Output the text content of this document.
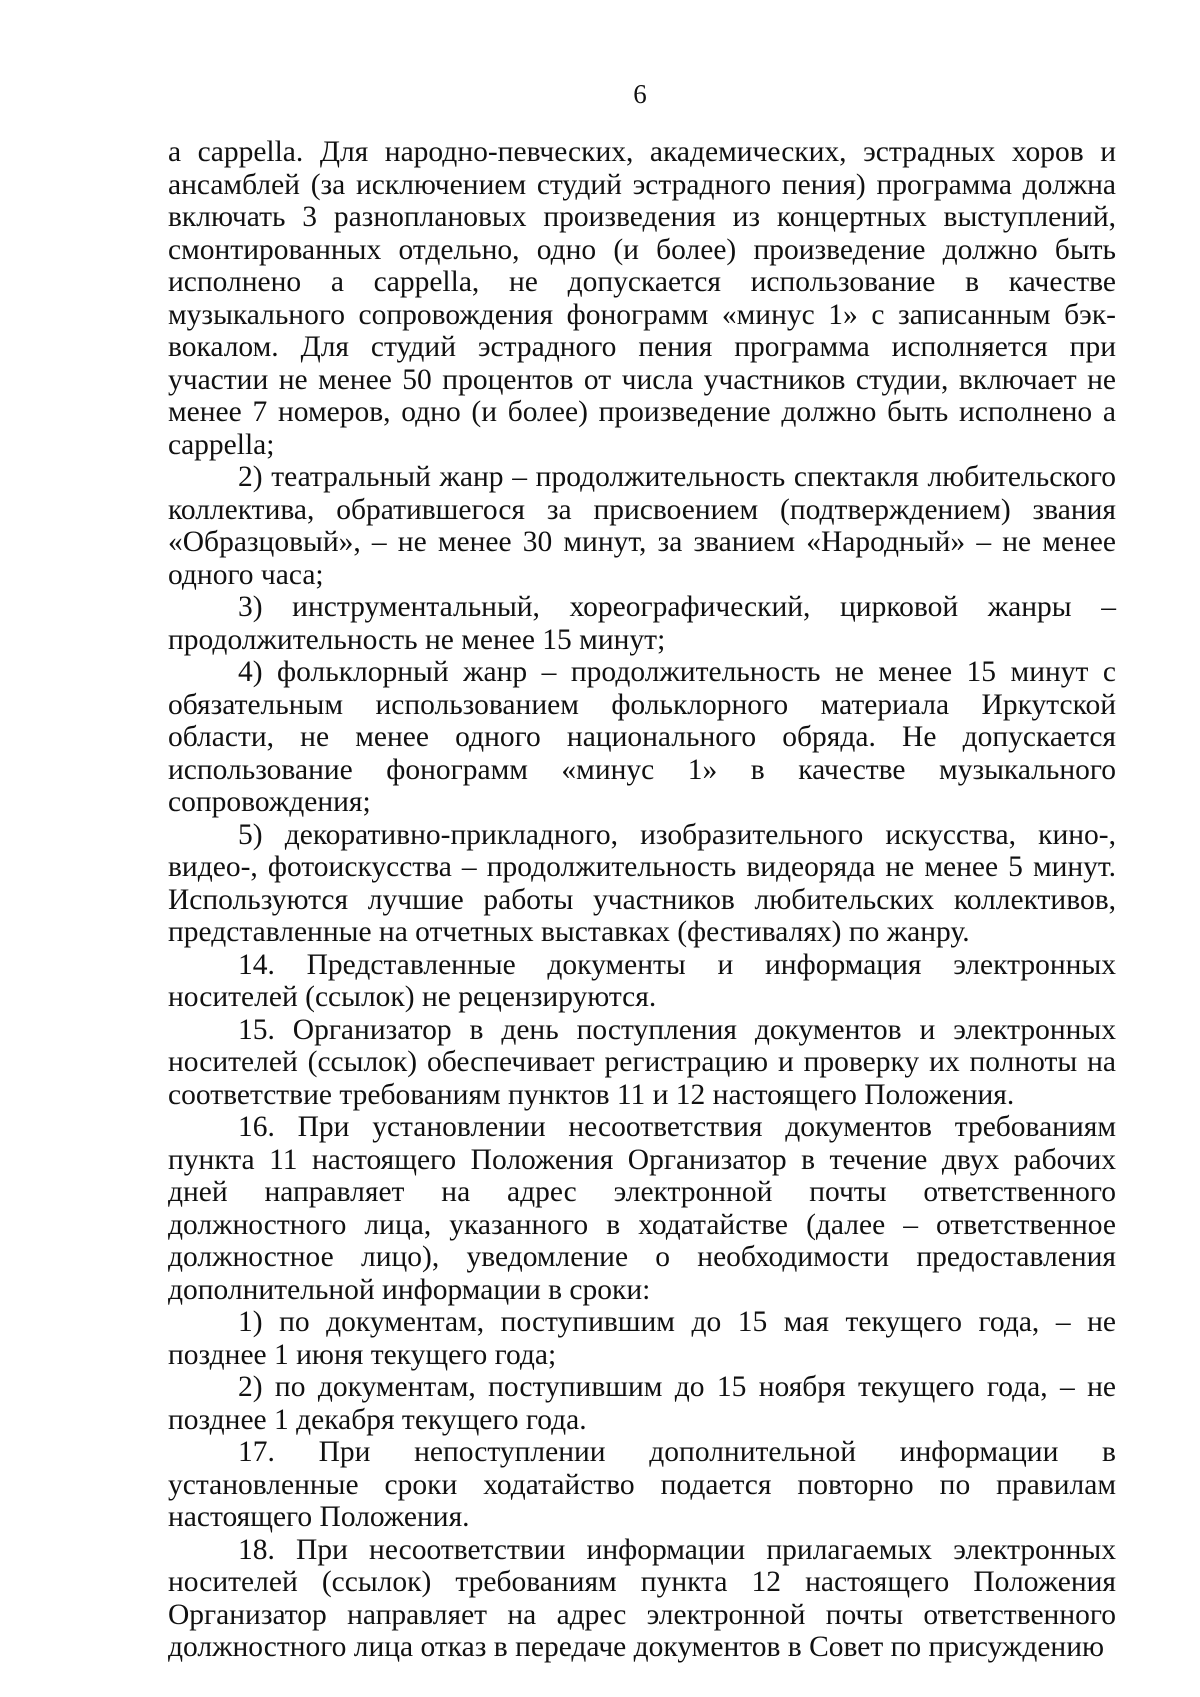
6

a cappella. Для народно-певческих, академических, эстрадных хоров и ансамблей (за исключением студий эстрадного пения) программа должна включать 3 разноплановых произведения из концертных выступлений, смонтированных отдельно, одно (и более) произведение должно быть исполнено a cappella, не допускается использование в качестве музыкального сопровождения фонограмм «минус 1» с записанным бэк-вокалом. Для студий эстрадного пения программа исполняется при участии не менее 50 процентов от числа участников студии, включает не менее 7 номеров, одно (и более) произведение должно быть исполнено a cappella;

2) театральный жанр – продолжительность спектакля любительского коллектива, обратившегося за присвоением (подтверждением) звания «Образцовый», – не менее 30 минут, за званием «Народный» – не менее одного часа;

3) инструментальный, хореографический, цирковой жанры – продолжительность не менее 15 минут;

4) фольклорный жанр – продолжительность не менее 15 минут с обязательным использованием фольклорного материала Иркутской области, не менее одного национального обряда. Не допускается использование фонограмм «минус 1» в качестве музыкального сопровождения;

5) декоративно-прикладного, изобразительного искусства, кино-, видео-, фотоискусства – продолжительность видеоряда не менее 5 минут. Используются лучшие работы участников любительских коллективов, представленные на отчетных выставках (фестивалях) по жанру.

14. Представленные документы и информация электронных носителей (ссылок) не рецензируются.

15. Организатор в день поступления документов и электронных носителей (ссылок) обеспечивает регистрацию и проверку их полноты на соответствие требованиям пунктов 11 и 12 настоящего Положения.

16. При установлении несоответствия документов требованиям пункта 11 настоящего Положения Организатор в течение двух рабочих дней направляет на адрес электронной почты ответственного должностного лица, указанного в ходатайстве (далее – ответственное должностное лицо), уведомление о необходимости предоставления дополнительной информации в сроки:

1) по документам, поступившим до 15 мая текущего года, – не позднее 1 июня текущего года;

2) по документам, поступившим до 15 ноября текущего года, – не позднее 1 декабря текущего года.

17. При непоступлении дополнительной информации в установленные сроки ходатайство подается повторно по правилам настоящего Положения.

18. При несоответствии информации прилагаемых электронных носителей (ссылок) требованиям пункта 12 настоящего Положения Организатор направляет на адрес электронной почты ответственного должностного лица отказ в передаче документов в Совет по присуждению
